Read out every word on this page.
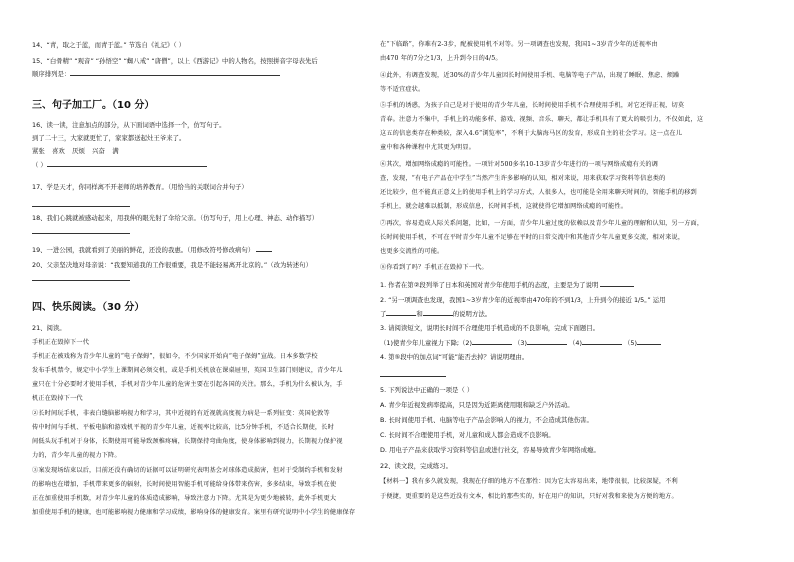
14、“青，取之于蓝，而青于蓝。” 节选自《礼记》（ ）
15、“白骨精” “观音” “孙悟空” “蜘八戒” “唐僧”，以上《西游记》中的人物名，按照拼音字母表先后
顺序排列是：
三、句子加工厂。（10 分）
16、读一读，注意加点的部分，从下面词语中选择一个，仿写句子。
到了二十三，大家就更忙了，家家都送起灶王爷来了。
紧张 喜欢 厌烦 兴奋 满
（ ）
17、学是天才，你同样离不开老师的培养教育。（用恰当的关联词合并句子）
18、我们心跳就被感动起来，用我伸的眼光射了伞给父亲。（仿写句子，用上心理、神态、动作描写）
19、一进公园，我就看到了美丽的鲜花，还没的我惠。（用修改符号修改病句）
20、父亲坚决地对母亲说：“我要知道我的工作很重要，我是不能轻易离开北京的。”（改为转述句）
四、快乐阅读。（30 分）
21、阅读。
手机正在毁掉下一代
手机正在被戏称为青少年儿童的“电子保姆”，很如今，不少国家开始向“电子保姆”宣战。日本多数学校
发布手机禁令，规定中小学生上课期间必须交机，或是手机关机放在课桌屉里，英国卫生部门则建议，青少年儿
童只在十分必要时才使用手机，手机对青少年儿童的危害主要在引起各国的关注。那么，手机为什么被认为，手
机正在毁掉下一代
②长时间玩手机，非表白缝脑影响视力和学习，其中近视的有近视就高度视力病是一系列征变：英国伦敦等
传中时间与手机、平板电脑和游戏机平视的青少年儿童，近视率比较高，比5分钟手机，不适合长期使，长时
间低头玩手机对于身体，长期使用可能导致颈椎疼痛，长期保持弯曲角度，使身体影响到视力，长期视力保护视
力的，青少年儿童的视力下降。
③案发现场结束以后，目前还没有确切的证据可以证明研究表明基会对球体造成损害，但对于受制约手机和发射
的影响也在增加，手机带来更多的辐射，长时间使用智能手机可能给身体带来伤害，多多结束，导致手机在使
正在加重使用手机数，对青少年儿童的体质造成影响，导致注意力下降。尤其是为更少地被转，此外手机更大
加重使用手机的健康，也可能影响视力健康和学习成绩，影响身体的健康发育。案里有研究说明中小学生的健康保存
在“下临路”，你难有2-3步，配被使用机不对等。另一项调查也发现，我国1~3岁青少年的近视率由
由470 年的7分之1/3，上升到今日的4/5。
④此外，有调查发现，近30%的青少年儿童因长时间使用手机、电脑等电子产品，出现了睡眠、焦虑、烦躁
等不适宜症状。
⑤手机的诱惑，为孩子自己是对于使用的青少年儿童，长时间使用手机不合理使用手机，对它还得正视，切莫
青春。注意力不集中，手机上的功能多样、游戏、视频、音乐、聊天，都让手机具有了更大的吸引力，不仅如此，这
这五的信息类存在种类较，深入4.6“浏览率”，不利于大脑海马区的发育，形成自主的社会学习。这一点在儿
童中和各种课程中尤其更为明显。
⑥其次，增加网络成瘾的可能性。一项针对500多名10-13岁青少年进行的一项与网络成瘾有关的调
查，发现，“有电子产品在中学生”当然产生许多影响的认知，相对来说，用来获取学习资料等信息类的
还比较少，但不能真正意义上的使用手机上的学习方式，人很多人，也可能是全用来聊天时间的，智能手机的移到
手机上，就会越难以抵制，形成信息，长时间手机，这就使得它增加网络成瘾的可能性。
⑦再次，容易造成人际关系问题，比如，一方面，青少年儿童过度的依赖以及青少年儿童的理解和认知，另一方面，
长时间使用手机，不可在平时青少年儿童不足够在平时的日常交流中和其他青少年儿童更多交流，相对来说，
也更多交流性的可能。
⑧你看到了吗？手机正在毁掉下一代。
1. 作者在第②段列举了日本和英国对青少年使用手机的态度，主要是为了说明
2. “另一项调查也发现，我国1~3岁青少年的近视率由470年的不到1/3，上升到今的接近 1/5。” 运用
了	和	的说明方法。
3. 请阅读短文，说明长时间不合理使用手机造成的不良影响，完成下面题目。
（1)使青少年儿童视力下降;（2)	（3)	（4)	（5)
4. 第⑤段中的加点词“可能”能否去掉？请说明理由。
5. 下列说法中正确的一项是（ ）
A. 青少年近视发病率提高，只是因为近距离使用眼和缺乏户外活动。
B. 长时间使用手机、电脑等电子产品会影响人的视力，不会造成其他伤害。
C. 长时间不合理使用手机，对儿童和成人都会造成不良影响。
D. 用电子产品来获取学习资料等信息或进行社交，容易导致青少年网络成瘾。
22、读文段，完成练习。
【材料一】我有多久就发现，我现在仔细的地方不在那性：因为它太容易出来，地带很很，比较深疑，不利
于便捷，更重要的是这些近没有文本，相比的那些实的，好在用户的知识，只好对我和来使为方便的地方。
